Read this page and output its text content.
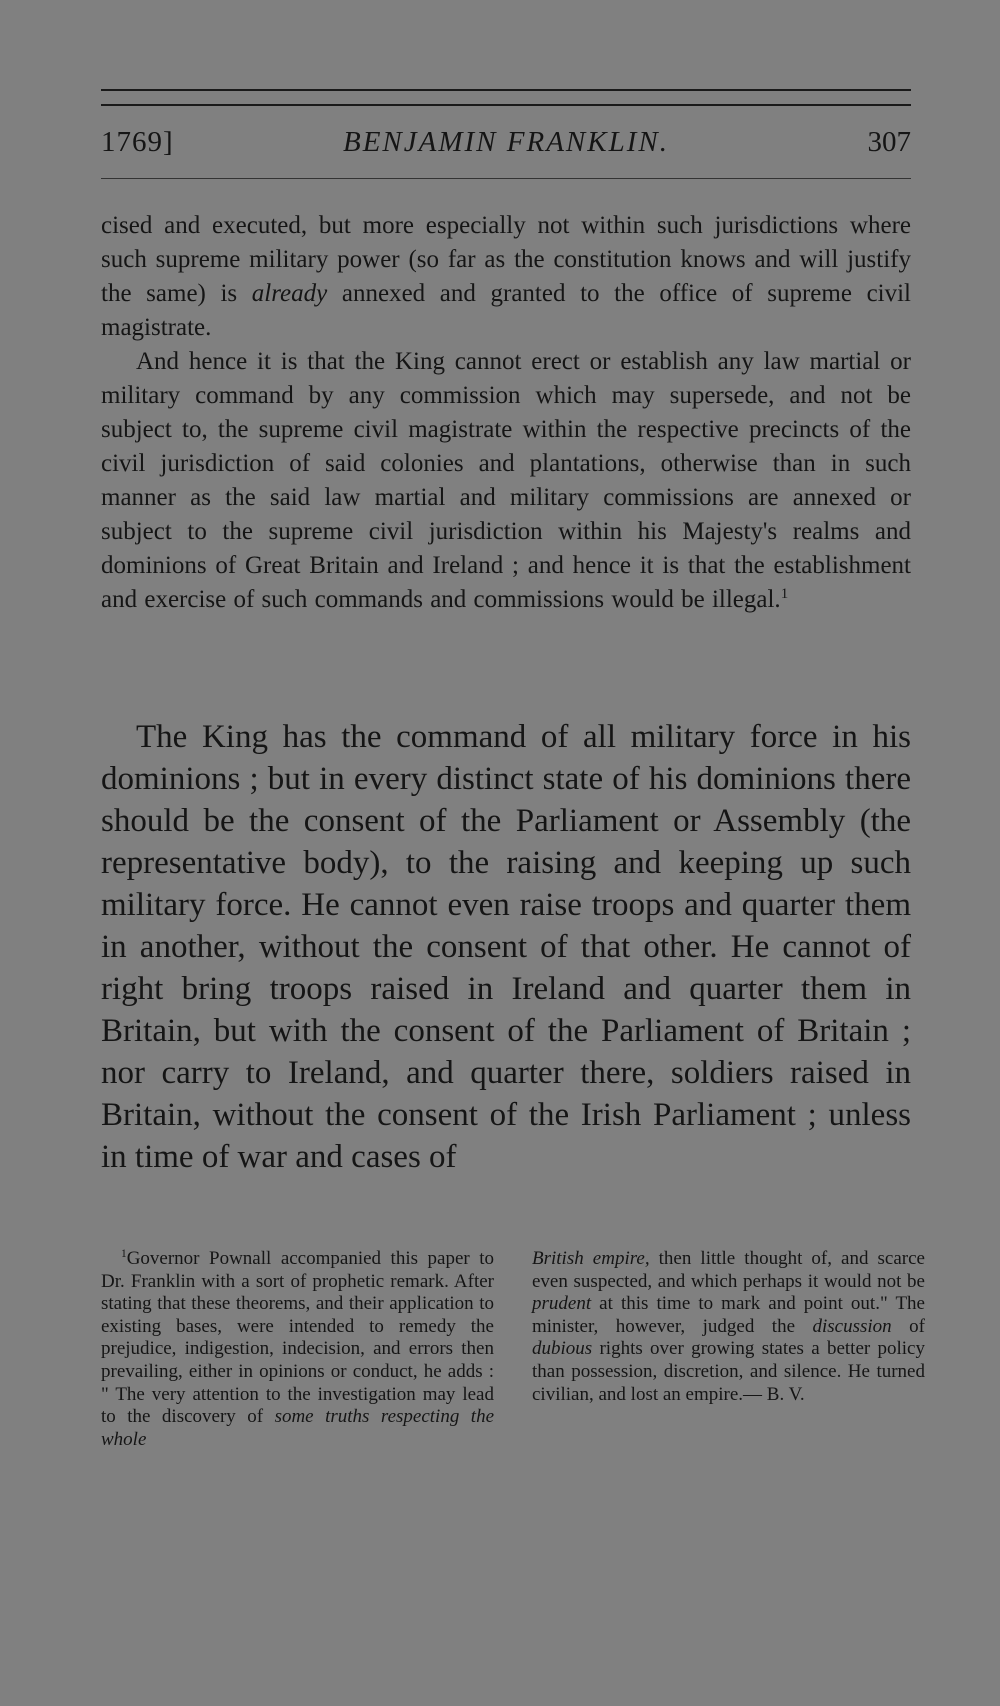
1769]	BENJAMIN FRANKLIN.	307

cised and executed, but more especially not within such jurisdictions where such supreme military power (so far as the constitution knows and will justify the same) is already annexed and granted to the office of supreme civil magistrate.

And hence it is that the King cannot erect or establish any law martial or military command by any commission which may supersede, and not be subject to, the supreme civil magistrate within the respective precincts of the civil jurisdiction of said colonies and plantations, otherwise than in such manner as the said law martial and military commissions are annexed or subject to the supreme civil jurisdiction within his Majesty's realms and dominions of Great Britain and Ireland ; and hence it is that the establishment and exercise of such commands and commissions would be illegal.$^1$

The King has the command of all military force in his dominions ; but in every distinct state of his dominions there should be the consent of the Parliament or Assembly (the representative body), to the raising and keeping up such military force. He cannot even raise troops and quarter them in another, without the consent of that other. He cannot of right bring troops raised in Ireland and quarter them in Britain, but with the consent of the Parliament of Britain ; nor carry to Ireland, and quarter there, soldiers raised in Britain, without the consent of the Irish Parliament ; unless in time of war and cases of

$^1$Governor Pownall accompanied this paper to Dr. Franklin with a sort of prophetic remark. After stating that these theorems, and their application to existing bases, were intended to remedy the prejudice, indigestion, indecision, and errors then prevailing, either in opinions or conduct, he adds : " The very attention to the investigation may lead to the discovery of some truths respecting the whole

British empire, then little thought of, and scarce even suspected, and which perhaps it would not be prudent at this time to mark and point out." The minister, however, judged the discussion of dubious rights over growing states a better policy than possession, discretion, and silence. He turned civilian, and lost an empire.— B. V.
